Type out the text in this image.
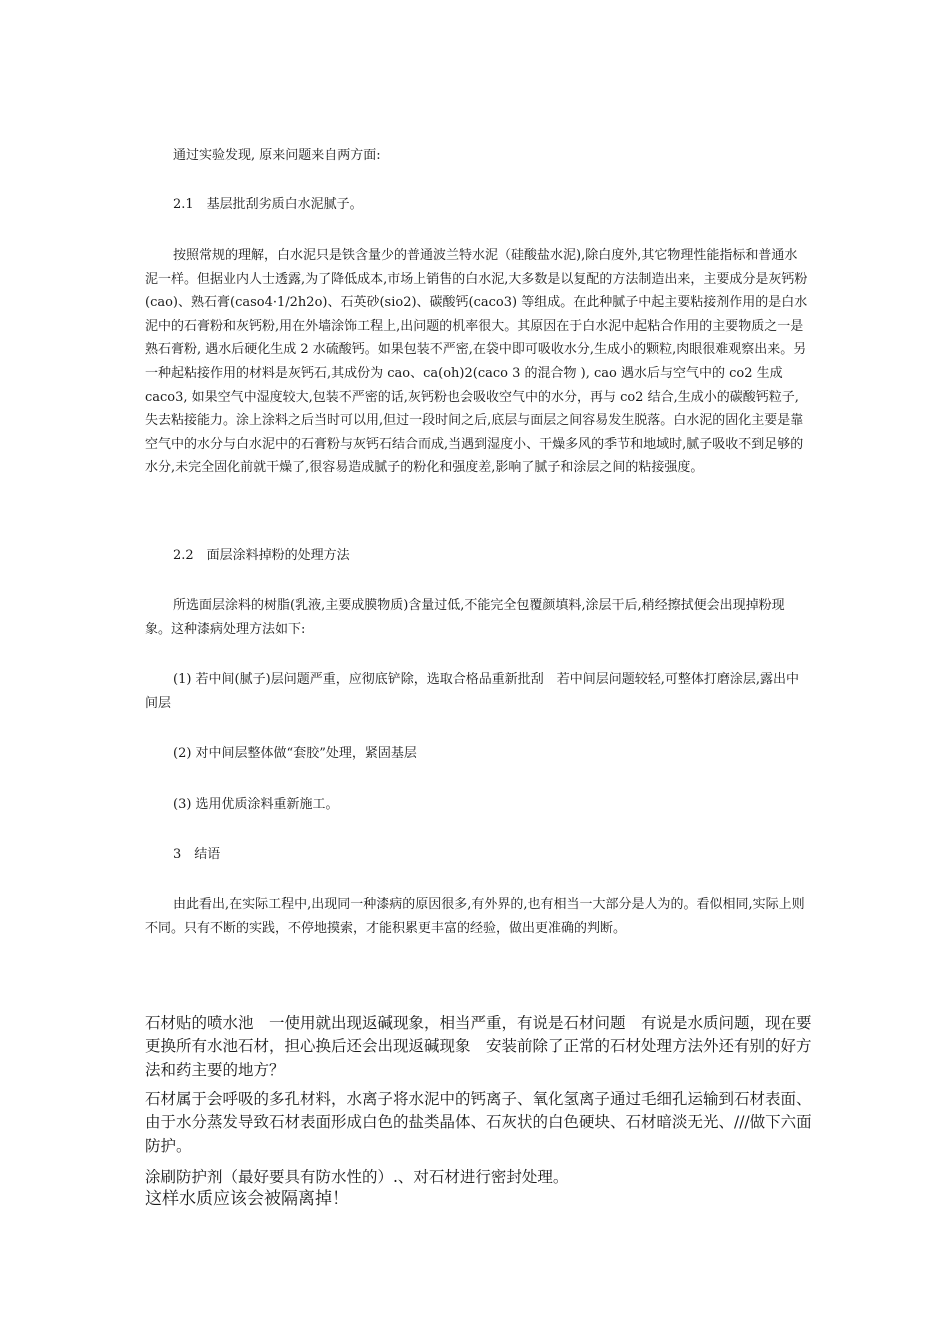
通过实验发现, 原来问题来自两方面:

2.1　基层批刮劣质白水泥腻子。

按照常规的理解，白水泥只是铁含量少的普通波兰特水泥（硅酸盐水泥),除白度外,其它物理性能指标和普通水泥一样。但据业内人士透露,为了降低成本,市场上销售的白水泥,大多数是以复配的方法制造出来，主要成分是灰钙粉(cao)、熟石膏(caso4·1/2h2o)、石英砂(sio2)、碳酸钙(caco3) 等组成。在此种腻子中起主要粘接剂作用的是白水泥中的石膏粉和灰钙粉,用在外墙涂饰工程上,出问题的机率很大。其原因在于白水泥中起粘合作用的主要物质之一是熟石膏粉, 遇水后硬化生成 2 水硫酸钙。如果包装不严密,在袋中即可吸收水分,生成小的颗粒,肉眼很难观察出来。另一种起粘接作用的材料是灰钙石,其成份为 cao、ca(oh)2(caco 3 的混合物 ), cao 遇水后与空气中的 co2 生成 caco3, 如果空气中湿度较大,包装不严密的话,灰钙粉也会吸收空气中的水分，再与 co2 结合,生成小的碳酸钙粒子,失去粘接能力。涂上涂料之后当时可以用,但过一段时间之后,底层与面层之间容易发生脱落。白水泥的固化主要是靠空气中的水分与白水泥中的石膏粉与灰钙石结合而成,当遇到湿度小、干燥多风的季节和地域时,腻子吸收不到足够的水分,未完全固化前就干燥了,很容易造成腻子的粉化和强度差,影响了腻子和涂层之间的粘接强度。

2.2　面层涂料掉粉的处理方法

所选面层涂料的树脂(乳液,主要成膜物质)含量过低,不能完全包覆颜填料,涂层干后,稍经擦拭便会出现掉粉现象。这种漆病处理方法如下:

(1) 若中间(腻子)层问题严重，应彻底铲除，选取合格品重新批刮　若中间层问题较轻,可整体打磨涂层,露出中间层

(2) 对中间层整体做“套胶”处理，紧固基层

(3) 选用优质涂料重新施工。

3　结语

由此看出,在实际工程中,出现同一种漆病的原因很多,有外界的,也有相当一大部分是人为的。看似相同,实际上则不同。只有不断的实践，不停地摸索，才能积累更丰富的经验，做出更准确的判断。

石材贴的喷水池　一使用就出现返碱现象，相当严重，有说是石材问题　有说是水质问题，现在要更换所有水池石材，担心换后还会出现返碱现象　安装前除了正常的石材处理方法外还有别的好方法和药主要的地方？

石材属于会呼吸的多孔材料，水离子将水泥中的钙离子、氧化氢离子通过毛细孔运输到石材表面、由于水分蒸发导致石材表面形成白色的盐类晶体、石灰状的白色硬块、石材暗淡无光、///做下六面防护。

涂刷防护剂（最好要具有防水性的）.、对石材进行密封处理。

这样水质应该会被隔离掉！
